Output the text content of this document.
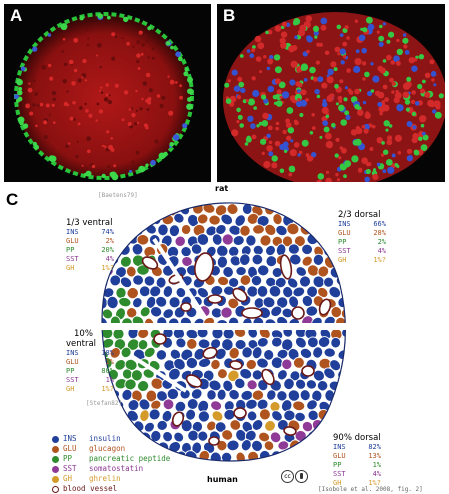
A	B
C	[Baetens79]
rat
[Stefan82]
human
[Isobole et al. 2008, fig. 2]
cc
1/3 ventral
INS	74%
GLU	2%
PP	20%
SST	4%
GH	1%?
2/3 dorsal
INS	66%
GLU	28%
PP	2%
SST	4%
GH	1%?
10%
ventral
INS	18%
GLU	1%
PP	80%
SST	1%
GH	1%?
90% dorsal
INS	82%
GLU	13%
PP	1%
SST	4%
GH	1%?
INS	insulin
GLU	glucagon
PP	pancreatic peptide
SST	somatostatin
GH	ghrelin
blood vessel
